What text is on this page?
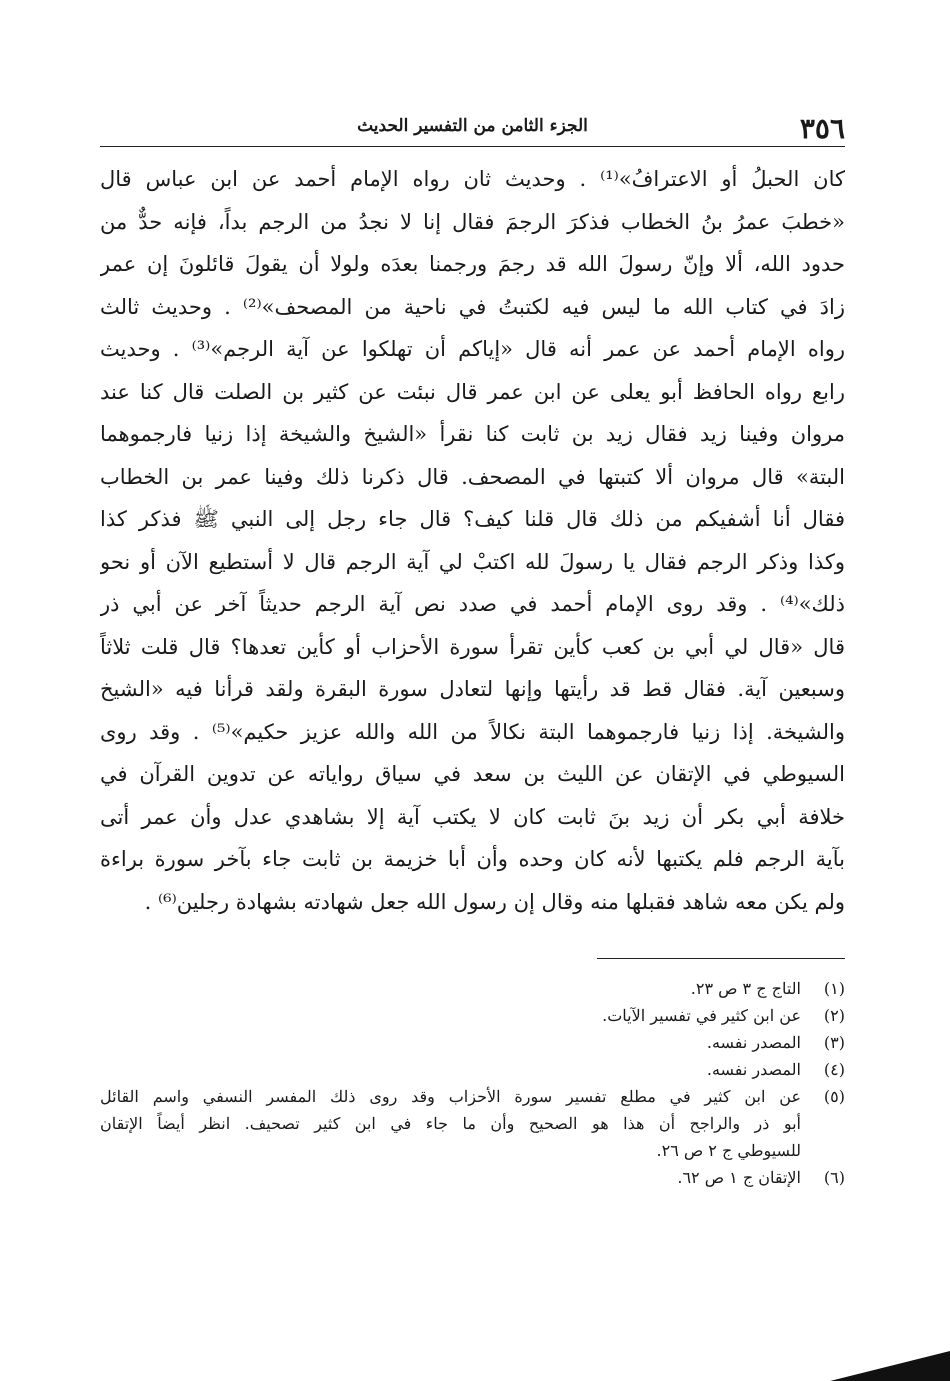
٣٥٦
الجزء الثامن من التفسير الحديث
كان الحبلُ أو الاعترافُ»⁽¹⁾ . وحديث ثان رواه الإمام أحمد عن ابن عباس قال
«خطبَ عمرُ بنُ الخطاب فذكرَ الرجمَ فقال إنا لا نجدُ من الرجم بداً، فإنه حدٌّ من
حدود الله، ألا وإنّ رسولَ الله قد رجمَ ورجمنا بعدَه ولولا أن يقولَ قائلونَ إن عمر
زادَ في كتاب الله ما ليس فيه لكتبتُ في ناحية من المصحف»⁽²⁾ . وحديث ثالث
رواه الإمام أحمد عن عمر أنه قال «إياكم أن تهلكوا عن آية الرجم»⁽³⁾ . وحديث
رابع رواه الحافظ أبو يعلى عن ابن عمر قال نبئت عن كثير بن الصلت قال كنا عند
مروان وفينا زيد فقال زيد بن ثابت كنا نقرأ «الشيخ والشيخة إذا زنيا فارجموهما
البتة» قال مروان ألا كتبتها في المصحف. قال ذكرنا ذلك وفينا عمر بن الخطاب
فقال أنا أشفيكم من ذلك قال قلنا كيف؟ قال جاء رجل إلى النبي ﷺ فذكر كذا
وكذا وذكر الرجم فقال يا رسولَ لله اكتبْ لي آية الرجم قال لا أستطيع الآن أو نحو
ذلك»⁽⁴⁾ . وقد روى الإمام أحمد في صدد نص آية الرجم حديثاً آخر عن أبي ذر
قال «قال لي أبي بن كعب كأين تقرأ سورة الأحزاب أو كأين تعدها؟ قال قلت ثلاثاً
وسبعين آية. فقال قط قد رأيتها وإنها لتعادل سورة البقرة ولقد قرأنا فيه «الشيخ
والشيخة. إذا زنيا فارجموهما البتة نكالاً من الله والله عزيز حكيم»⁽⁵⁾ . وقد روى
السيوطي في الإتقان عن الليث بن سعد في سياق رواياته عن تدوين القرآن في
خلافة أبي بكر أن زيد بنَ ثابت كان لا يكتب آية إلا بشاهدي عدل وأن عمر أتى
بآية الرجم فلم يكتبها لأنه كان وحده وأن أبا خزيمة بن ثابت جاء بآخر سورة براءة
ولم يكن معه شاهد فقبلها منه وقال إن رسول الله جعل شهادته بشهادة رجلين⁽⁶⁾ .
(١)
التاج ج ٣ ص ٢٣.
(٢)
عن ابن كثير في تفسير الآيات.
(٣)
المصدر نفسه.
(٤)
المصدر نفسه.
(٥)
عن ابن كثير في مطلع تفسير سورة الأحزاب وقد روى ذلك المفسر النسفي واسم القائل
أبو ذر والراجح أن هذا هو الصحيح وأن ما جاء في ابن كثير تصحيف. انظر أيضاً الإتقان
للسيوطي ج ٢ ص ٢٦.
(٦)
الإتقان ج ١ ص ٦٢.
